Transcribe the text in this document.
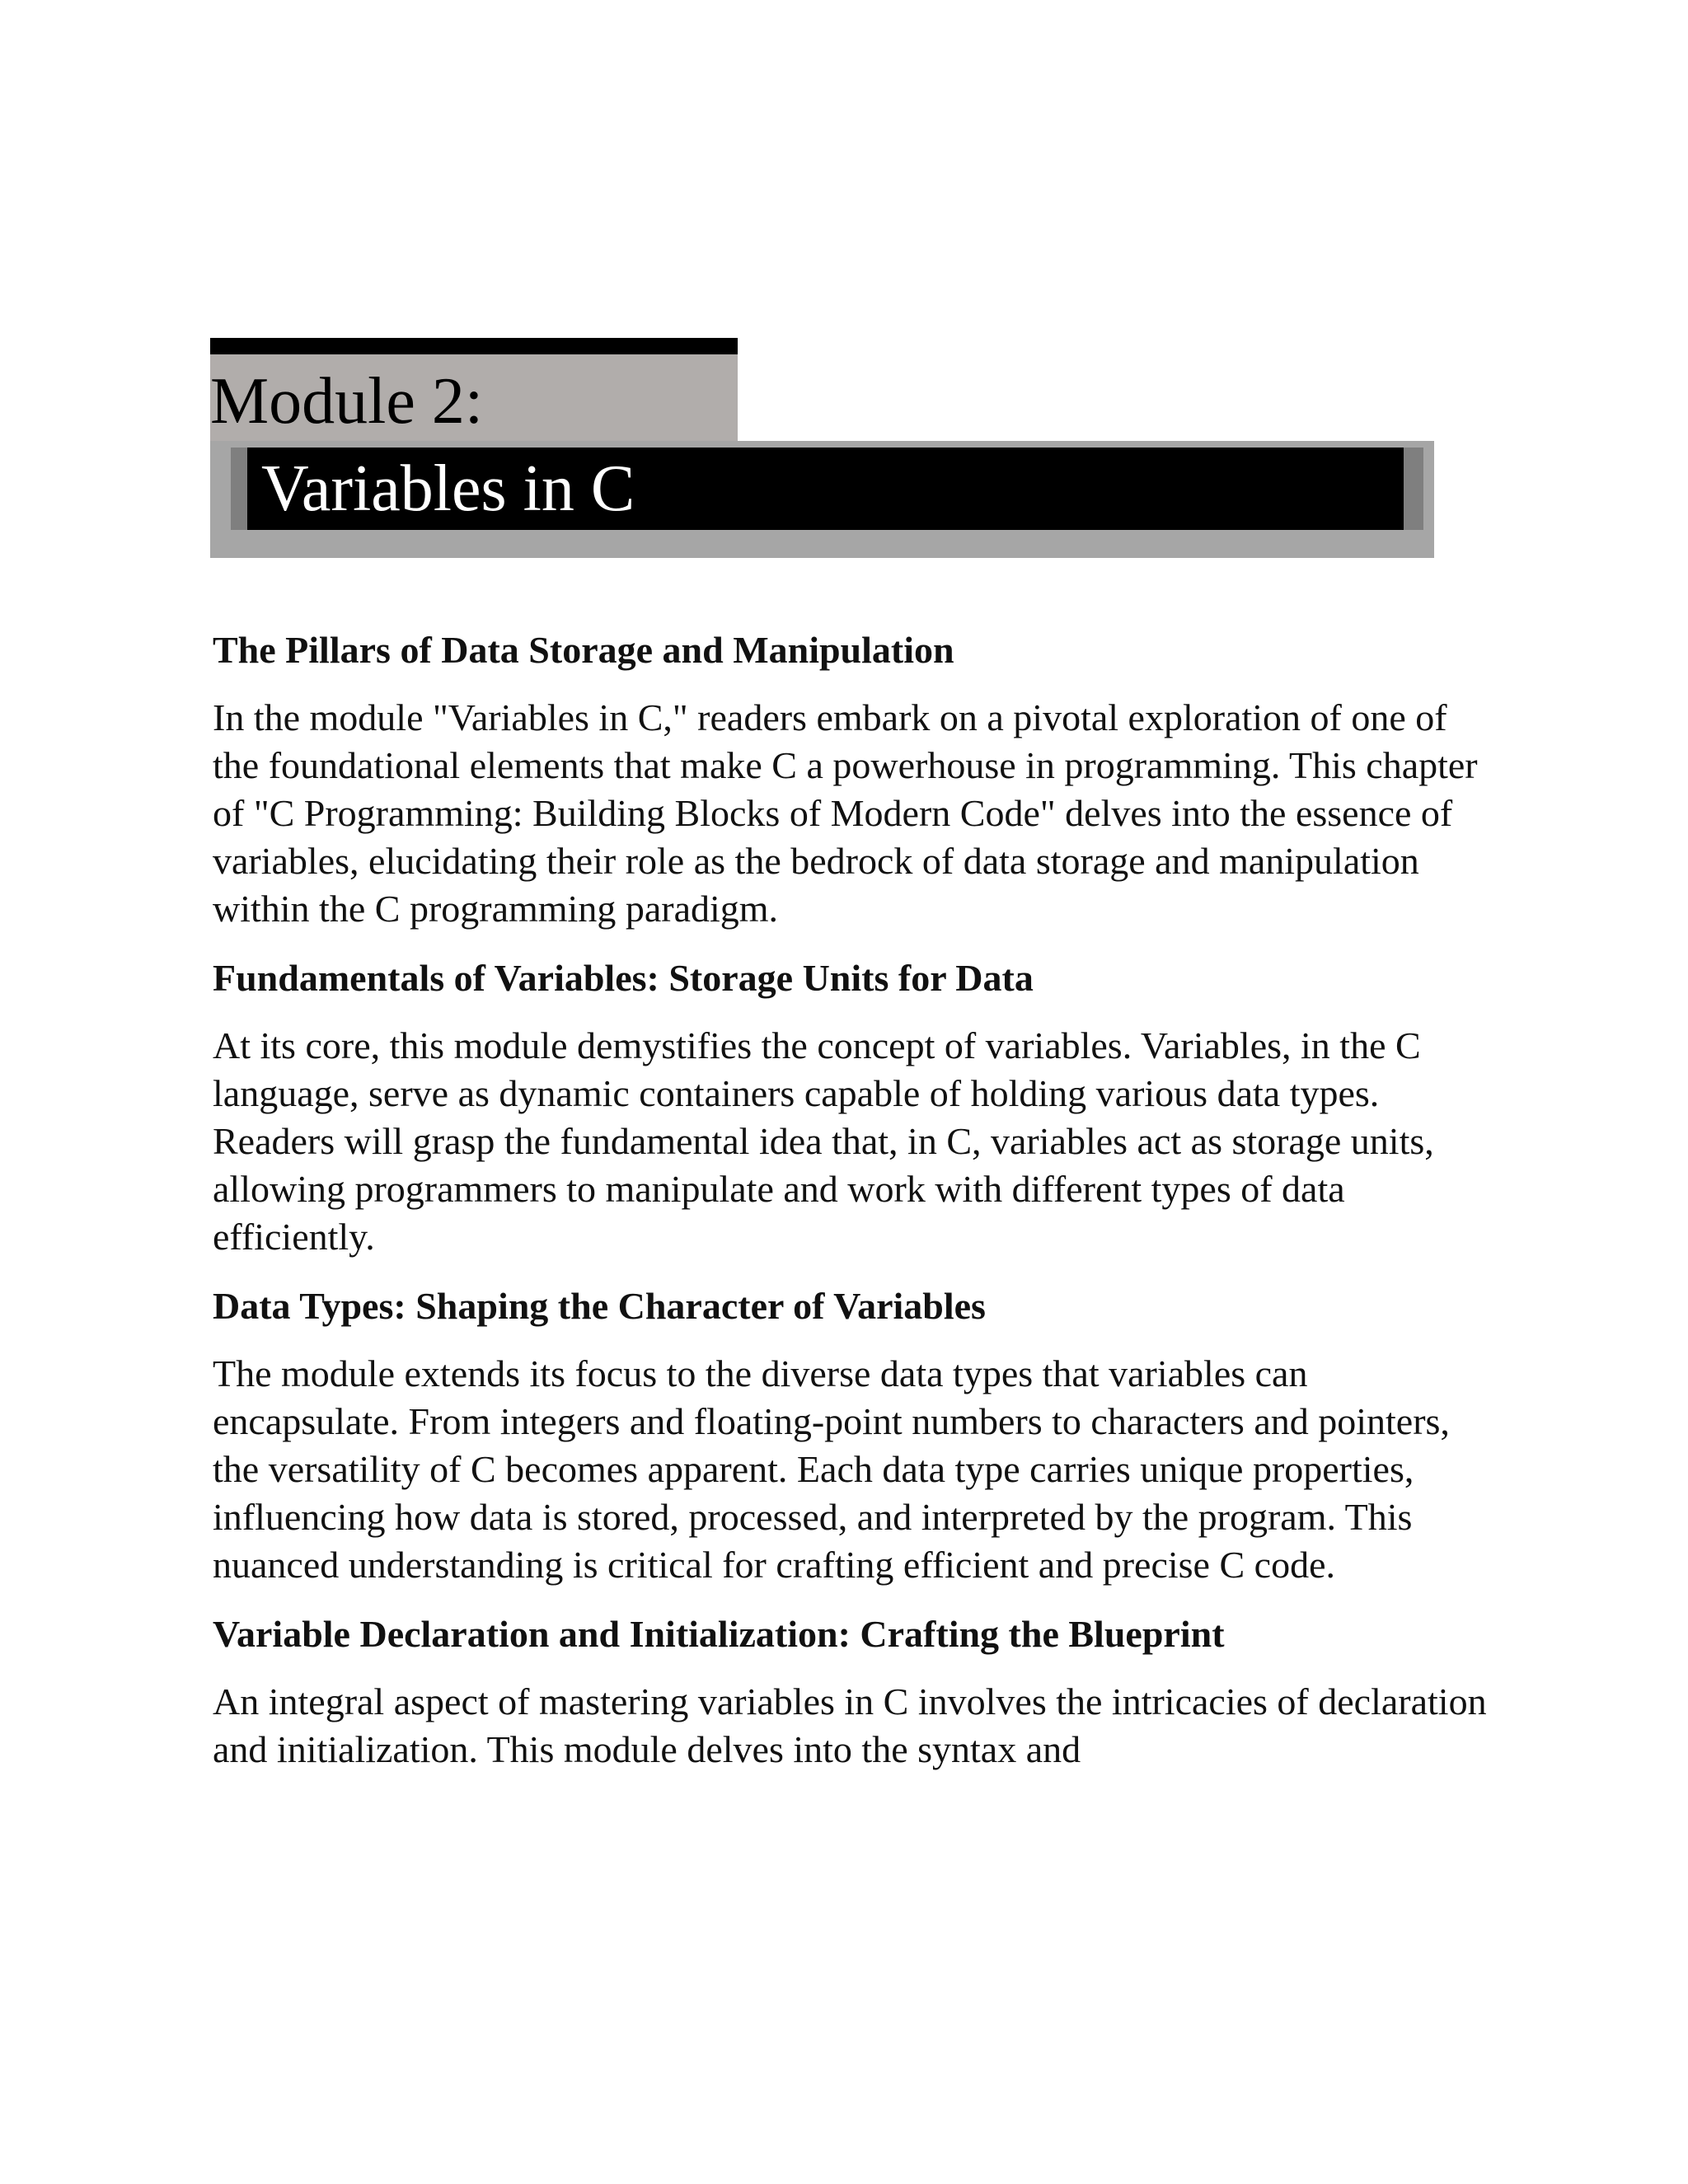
Module 2:
Variables in C
The Pillars of Data Storage and Manipulation
In the module "Variables in C," readers embark on a pivotal exploration of one of the foundational elements that make C a powerhouse in programming. This chapter of "C Programming: Building Blocks of Modern Code" delves into the essence of variables, elucidating their role as the bedrock of data storage and manipulation within the C programming paradigm.
Fundamentals of Variables: Storage Units for Data
At its core, this module demystifies the concept of variables. Variables, in the C language, serve as dynamic containers capable of holding various data types. Readers will grasp the fundamental idea that, in C, variables act as storage units, allowing programmers to manipulate and work with different types of data efficiently.
Data Types: Shaping the Character of Variables
The module extends its focus to the diverse data types that variables can encapsulate. From integers and floating-point numbers to characters and pointers, the versatility of C becomes apparent. Each data type carries unique properties, influencing how data is stored, processed, and interpreted by the program. This nuanced understanding is critical for crafting efficient and precise C code.
Variable Declaration and Initialization: Crafting the Blueprint
An integral aspect of mastering variables in C involves the intricacies of declaration and initialization. This module delves into the syntax and
